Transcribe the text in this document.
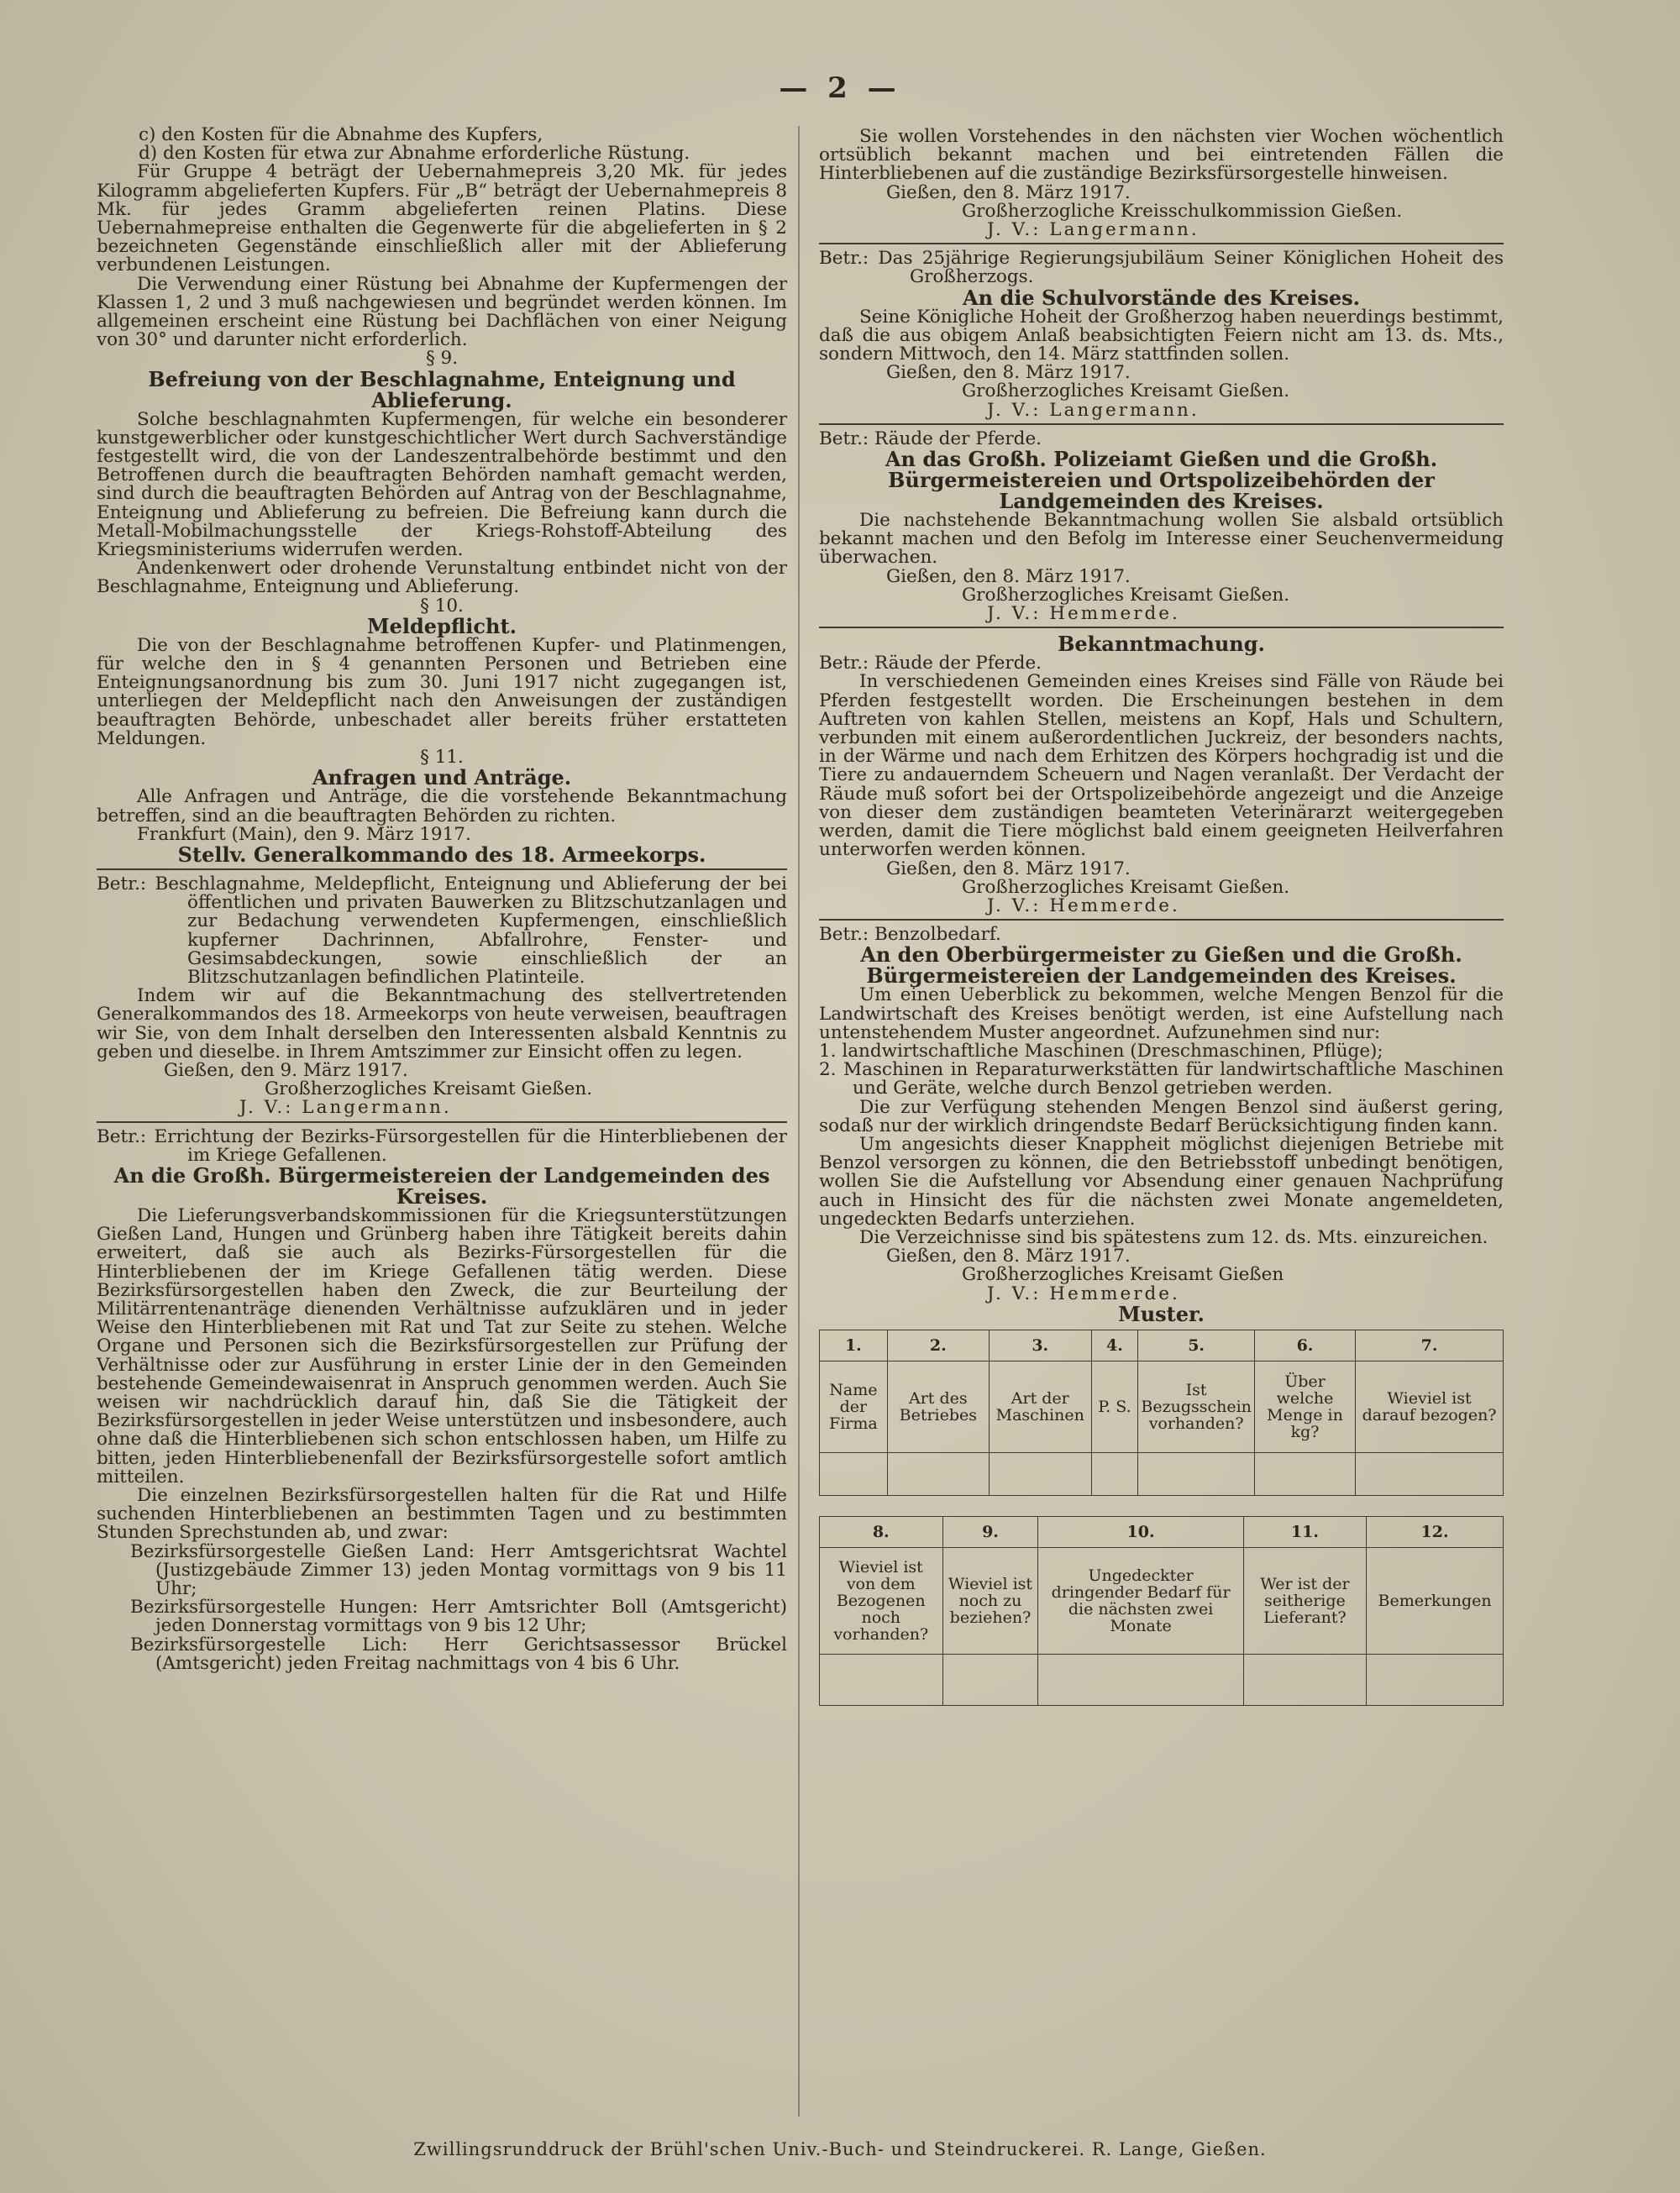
— 2 —

c) den Kosten für die Abnahme des Kupfers,

d) den Kosten für etwa zur Abnahme erforderliche Rüstung.

Für Gruppe 4 beträgt der Uebernahmepreis 3,20 Mk. für jedes Kilogramm abgelieferten Kupfers. Für „B“ beträgt der Uebernahmepreis 8 Mk. für jedes Gramm abgelieferten reinen Platins. Diese Uebernahmepreise enthalten die Gegenwerte für die abgelieferten in § 2 bezeichneten Gegenstände einschließlich aller mit der Ablieferung verbundenen Leistungen.

Die Verwendung einer Rüstung bei Abnahme der Kupfermengen der Klassen 1, 2 und 3 muß nachgewiesen und begründet werden können. Im allgemeinen erscheint eine Rüstung bei Dachflächen von einer Neigung von 30° und darunter nicht erforderlich.

§ 9.

Befreiung von der Beschlagnahme, Enteignung und Ablieferung.

Solche beschlagnahmten Kupfermengen, für welche ein besonderer kunstgewerblicher oder kunstgeschichtlicher Wert durch Sachverständige festgestellt wird, die von der Landeszentralbehörde bestimmt und den Betroffenen durch die beauftragten Behörden namhaft gemacht werden, sind durch die beauftragten Behörden auf Antrag von der Beschlagnahme, Enteignung und Ablieferung zu befreien. Die Befreiung kann durch die Metall-Mobilmachungsstelle der Kriegs-Rohstoff-Abteilung des Kriegsministeriums widerrufen werden.

Andenkenwert oder drohende Verunstaltung entbindet nicht von der Beschlagnahme, Enteignung und Ablieferung.

§ 10.

Meldepflicht.

Die von der Beschlagnahme betroffenen Kupfer- und Platinmengen, für welche den in § 4 genannten Personen und Betrieben eine Enteignungsanordnung bis zum 30. Juni 1917 nicht zugegangen ist, unterliegen der Meldepflicht nach den Anweisungen der zuständigen beauftragten Behörde, unbeschadet aller bereits früher erstatteten Meldungen.

§ 11.

Anfragen und Anträge.

Alle Anfragen und Anträge, die die vorstehende Bekanntmachung betreffen, sind an die beauftragten Behörden zu richten.

Frankfurt (Main), den 9. März 1917.

Stellv. Generalkommando des 18. Armeekorps.

Betr.: Beschlagnahme, Meldepflicht, Enteignung und Ablieferung der bei öffentlichen und privaten Bauwerken zu Blitzschutzanlagen und zur Bedachung verwendeten Kupfermengen, einschließlich kupferner Dachrinnen, Abfallrohre, Fenster- und Gesimsabdeckungen, sowie einschließlich der an Blitzschutzanlagen befindlichen Platinteile.

Indem wir auf die Bekanntmachung des stellvertretenden Generalkommandos des 18. Armeekorps von heute verweisen, beauftragen wir Sie, von dem Inhalt derselben den Interessenten alsbald Kenntnis zu geben und dieselbe. in Ihrem Amtszimmer zur Einsicht offen zu legen.

Gießen, den 9. März 1917.

Großherzogliches Kreisamt Gießen.

J. V.: Langermann.

Betr.: Errichtung der Bezirks-Fürsorgestellen für die Hinterbliebenen der im Kriege Gefallenen.

An die Großh. Bürgermeistereien der Landgemeinden des Kreises.

Die Lieferungsverbandskommissionen für die Kriegsunterstützungen Gießen Land, Hungen und Grünberg haben ihre Tätigkeit bereits dahin erweitert, daß sie auch als Bezirks-Fürsorgestellen für die Hinterbliebenen der im Kriege Gefallenen tätig werden. Diese Bezirksfürsorgestellen haben den Zweck, die zur Beurteilung der Militärrentenanträge dienenden Verhältnisse aufzuklären und in jeder Weise den Hinterbliebenen mit Rat und Tat zur Seite zu stehen. Welche Organe und Personen sich die Bezirksfürsorgestellen zur Prüfung der Verhältnisse oder zur Ausführung in erster Linie der in den Gemeinden bestehende Gemeindewaisenrat in Anspruch genommen werden. Auch Sie weisen wir nachdrücklich darauf hin, daß Sie die Tätigkeit der Bezirksfürsorgestellen in jeder Weise unterstützen und insbesondere, auch ohne daß die Hinterbliebenen sich schon entschlossen haben, um Hilfe zu bitten, jeden Hinterbliebenenfall der Bezirksfürsorgestelle sofort amtlich mitteilen.

Die einzelnen Bezirksfürsorgestellen halten für die Rat und Hilfe suchenden Hinterbliebenen an bestimmten Tagen und zu bestimmten Stunden Sprechstunden ab, und zwar:

Bezirksfürsorgestelle Gießen Land: Herr Amtsgerichtsrat Wachtel (Justizgebäude Zimmer 13) jeden Montag vormittags von 9 bis 11 Uhr;

Bezirksfürsorgestelle Hungen: Herr Amtsrichter Boll (Amtsgericht) jeden Donnerstag vormittags von 9 bis 12 Uhr;

Bezirksfürsorgestelle Lich: Herr Gerichtsassessor Brückel (Amtsgericht) jeden Freitag nachmittags von 4 bis 6 Uhr.

Sie wollen Vorstehendes in den nächsten vier Wochen wöchentlich ortsüblich bekannt machen und bei eintretenden Fällen die Hinterbliebenen auf die zuständige Bezirksfürsorgestelle hinweisen.

Gießen, den 8. März 1917.

Großherzogliche Kreisschulkommission Gießen.

J. V.: Langermann.

Betr.: Das 25jährige Regierungsjubiläum Seiner Königlichen Hoheit des Großherzogs.

An die Schulvorstände des Kreises.

Seine Königliche Hoheit der Großherzog haben neuerdings bestimmt, daß die aus obigem Anlaß beabsichtigten Feiern nicht am 13. ds. Mts., sondern Mittwoch, den 14. März stattfinden sollen.

Gießen, den 8. März 1917.

Großherzogliches Kreisamt Gießen.

J. V.: Langermann.

Betr.: Räude der Pferde.

An das Großh. Polizeiamt Gießen und die Großh. Bürgermeistereien und Ortspolizeibehörden der Landgemeinden des Kreises.

Die nachstehende Bekanntmachung wollen Sie alsbald ortsüblich bekannt machen und den Befolg im Interesse einer Seuchenvermeidung überwachen.

Gießen, den 8. März 1917.

Großherzogliches Kreisamt Gießen.

J. V.: Hemmerde.

Bekanntmachung.

Betr.: Räude der Pferde.

In verschiedenen Gemeinden eines Kreises sind Fälle von Räude bei Pferden festgestellt worden. Die Erscheinungen bestehen in dem Auftreten von kahlen Stellen, meistens an Kopf, Hals und Schultern, verbunden mit einem außerordentlichen Juckreiz, der besonders nachts, in der Wärme und nach dem Erhitzen des Körpers hochgradig ist und die Tiere zu andauerndem Scheuern und Nagen veranlaßt. Der Verdacht der Räude muß sofort bei der Ortspolizeibehörde angezeigt und die Anzeige von dieser dem zuständigen beamteten Veterinärarzt weitergegeben werden, damit die Tiere möglichst bald einem geeigneten Heilverfahren unterworfen werden können.

Gießen, den 8. März 1917.

Großherzogliches Kreisamt Gießen.

J. V.: Hemmerde.

Betr.: Benzolbedarf.

An den Oberbürgermeister zu Gießen und die Großh. Bürgermeistereien der Landgemeinden des Kreises.

Um einen Ueberblick zu bekommen, welche Mengen Benzol für die Landwirtschaft des Kreises benötigt werden, ist eine Aufstellung nach untenstehendem Muster angeordnet. Aufzunehmen sind nur:

1. landwirtschaftliche Maschinen (Dreschmaschinen, Pflüge);

2. Maschinen in Reparaturwerkstätten für landwirtschaftliche Maschinen und Geräte, welche durch Benzol getrieben werden.

Die zur Verfügung stehenden Mengen Benzol sind äußerst gering, sodaß nur der wirklich dringendste Bedarf Berücksichtigung finden kann.

Um angesichts dieser Knappheit möglichst diejenigen Betriebe mit Benzol versorgen zu können, die den Betriebsstoff unbedingt benötigen, wollen Sie die Aufstellung vor Absendung einer genauen Nachprüfung auch in Hinsicht des für die nächsten zwei Monate angemeldeten, ungedeckten Bedarfs unterziehen.

Die Verzeichnisse sind bis spätestens zum 12. ds. Mts. einzureichen.

Gießen, den 8. März 1917.

Großherzogliches Kreisamt Gießen

J. V.: Hemmerde.

Muster.

1.	2.	3.	4.	5.	6.	7.
Name der Firma	Art des Betriebes	Art der Maschinen	P. S.	Ist Bezugsschein vorhanden?	Über welche Menge in kg?	Wieviel ist darauf bezogen?

8.	9.	10.	11.	12.
Wieviel ist von dem Bezogenen noch vorhanden?	Wieviel ist noch zu beziehen?	Ungedeckter dringender Bedarf für die nächsten zwei Monate	Wer ist der seitherige Lieferant?	Bemerkungen

Zwillingsrunddruck der Brühl'schen Univ.-Buch- und Steindruckerei. R. Lange, Gießen.
